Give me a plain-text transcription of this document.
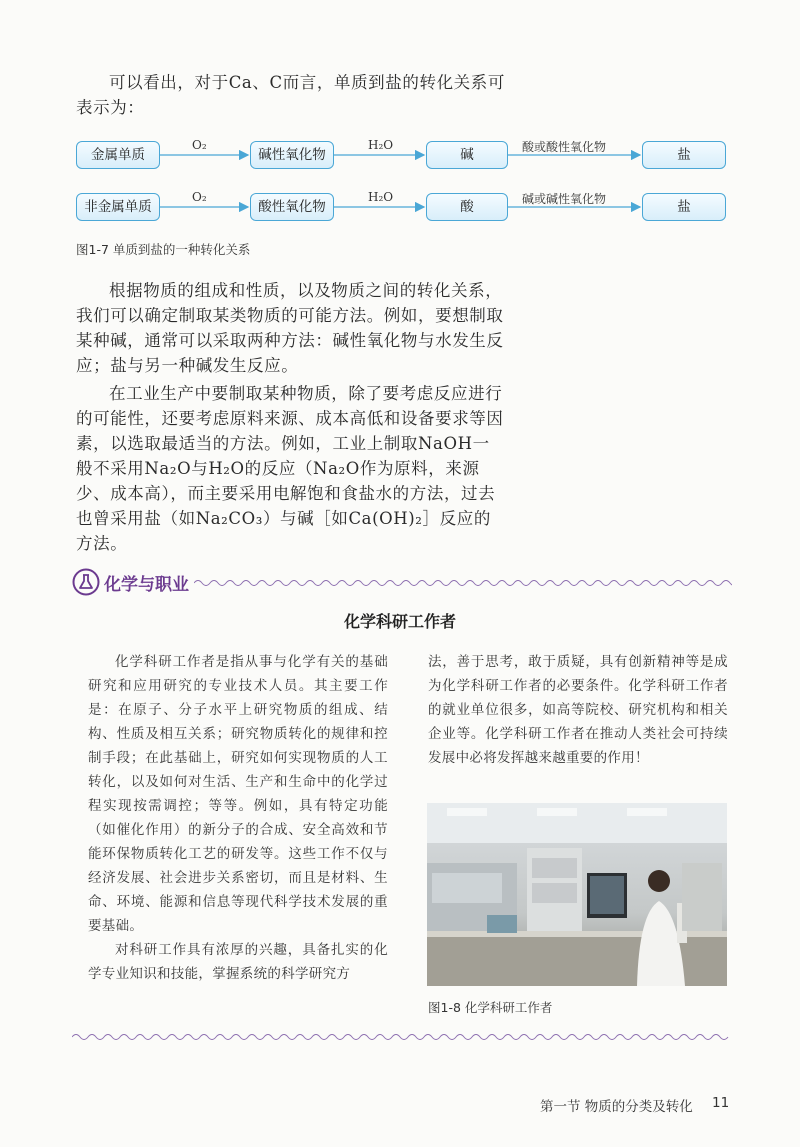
可以看出，对于Ca、C而言，单质到盐的转化关系可表示为：
金属单质	碱性氧化物	碱	盐
O₂	H₂O	酸或酸性氧化物
非金属单质	酸性氧化物	酸	盐
O₂	H₂O	碱或碱性氧化物
图1-7 单质到盐的一种转化关系
根据物质的组成和性质，以及物质之间的转化关系，我们可以确定制取某类物质的可能方法。例如，要想制取某种碱，通常可以采取两种方法：碱性氧化物与水发生反应；盐与另一种碱发生反应。
在工业生产中要制取某种物质，除了要考虑反应进行的可能性，还要考虑原料来源、成本高低和设备要求等因素，以选取最适当的方法。例如，工业上制取NaOH一般不采用Na₂O与H₂O的反应（Na₂O作为原料，来源少、成本高），而主要采用电解饱和食盐水的方法，过去也曾采用盐（如Na₂CO₃）与碱［如Ca(OH)₂］反应的方法。
化学与职业
化学科研工作者
化学科研工作者是指从事与化学有关的基础研究和应用研究的专业技术人员。其主要工作是：在原子、分子水平上研究物质的组成、结构、性质及相互关系；研究物质转化的规律和控制手段；在此基础上，研究如何实现物质的人工转化，以及如何对生活、生产和生命中的化学过程实现按需调控；等等。例如，具有特定功能（如催化作用）的新分子的合成、安全高效和节能环保物质转化工艺的研发等。这些工作不仅与经济发展、社会进步关系密切，而且是材料、生命、环境、能源和信息等现代科学技术发展的重要基础。
对科研工作具有浓厚的兴趣，具备扎实的化学专业知识和技能，掌握系统的科学研究方
法，善于思考，敢于质疑，具有创新精神等是成为化学科研工作者的必要条件。化学科研工作者的就业单位很多，如高等院校、研究机构和相关企业等。化学科研工作者在推动人类社会可持续发展中必将发挥越来越重要的作用！
图1-8 化学科研工作者
第一节 物质的分类及转化 11
